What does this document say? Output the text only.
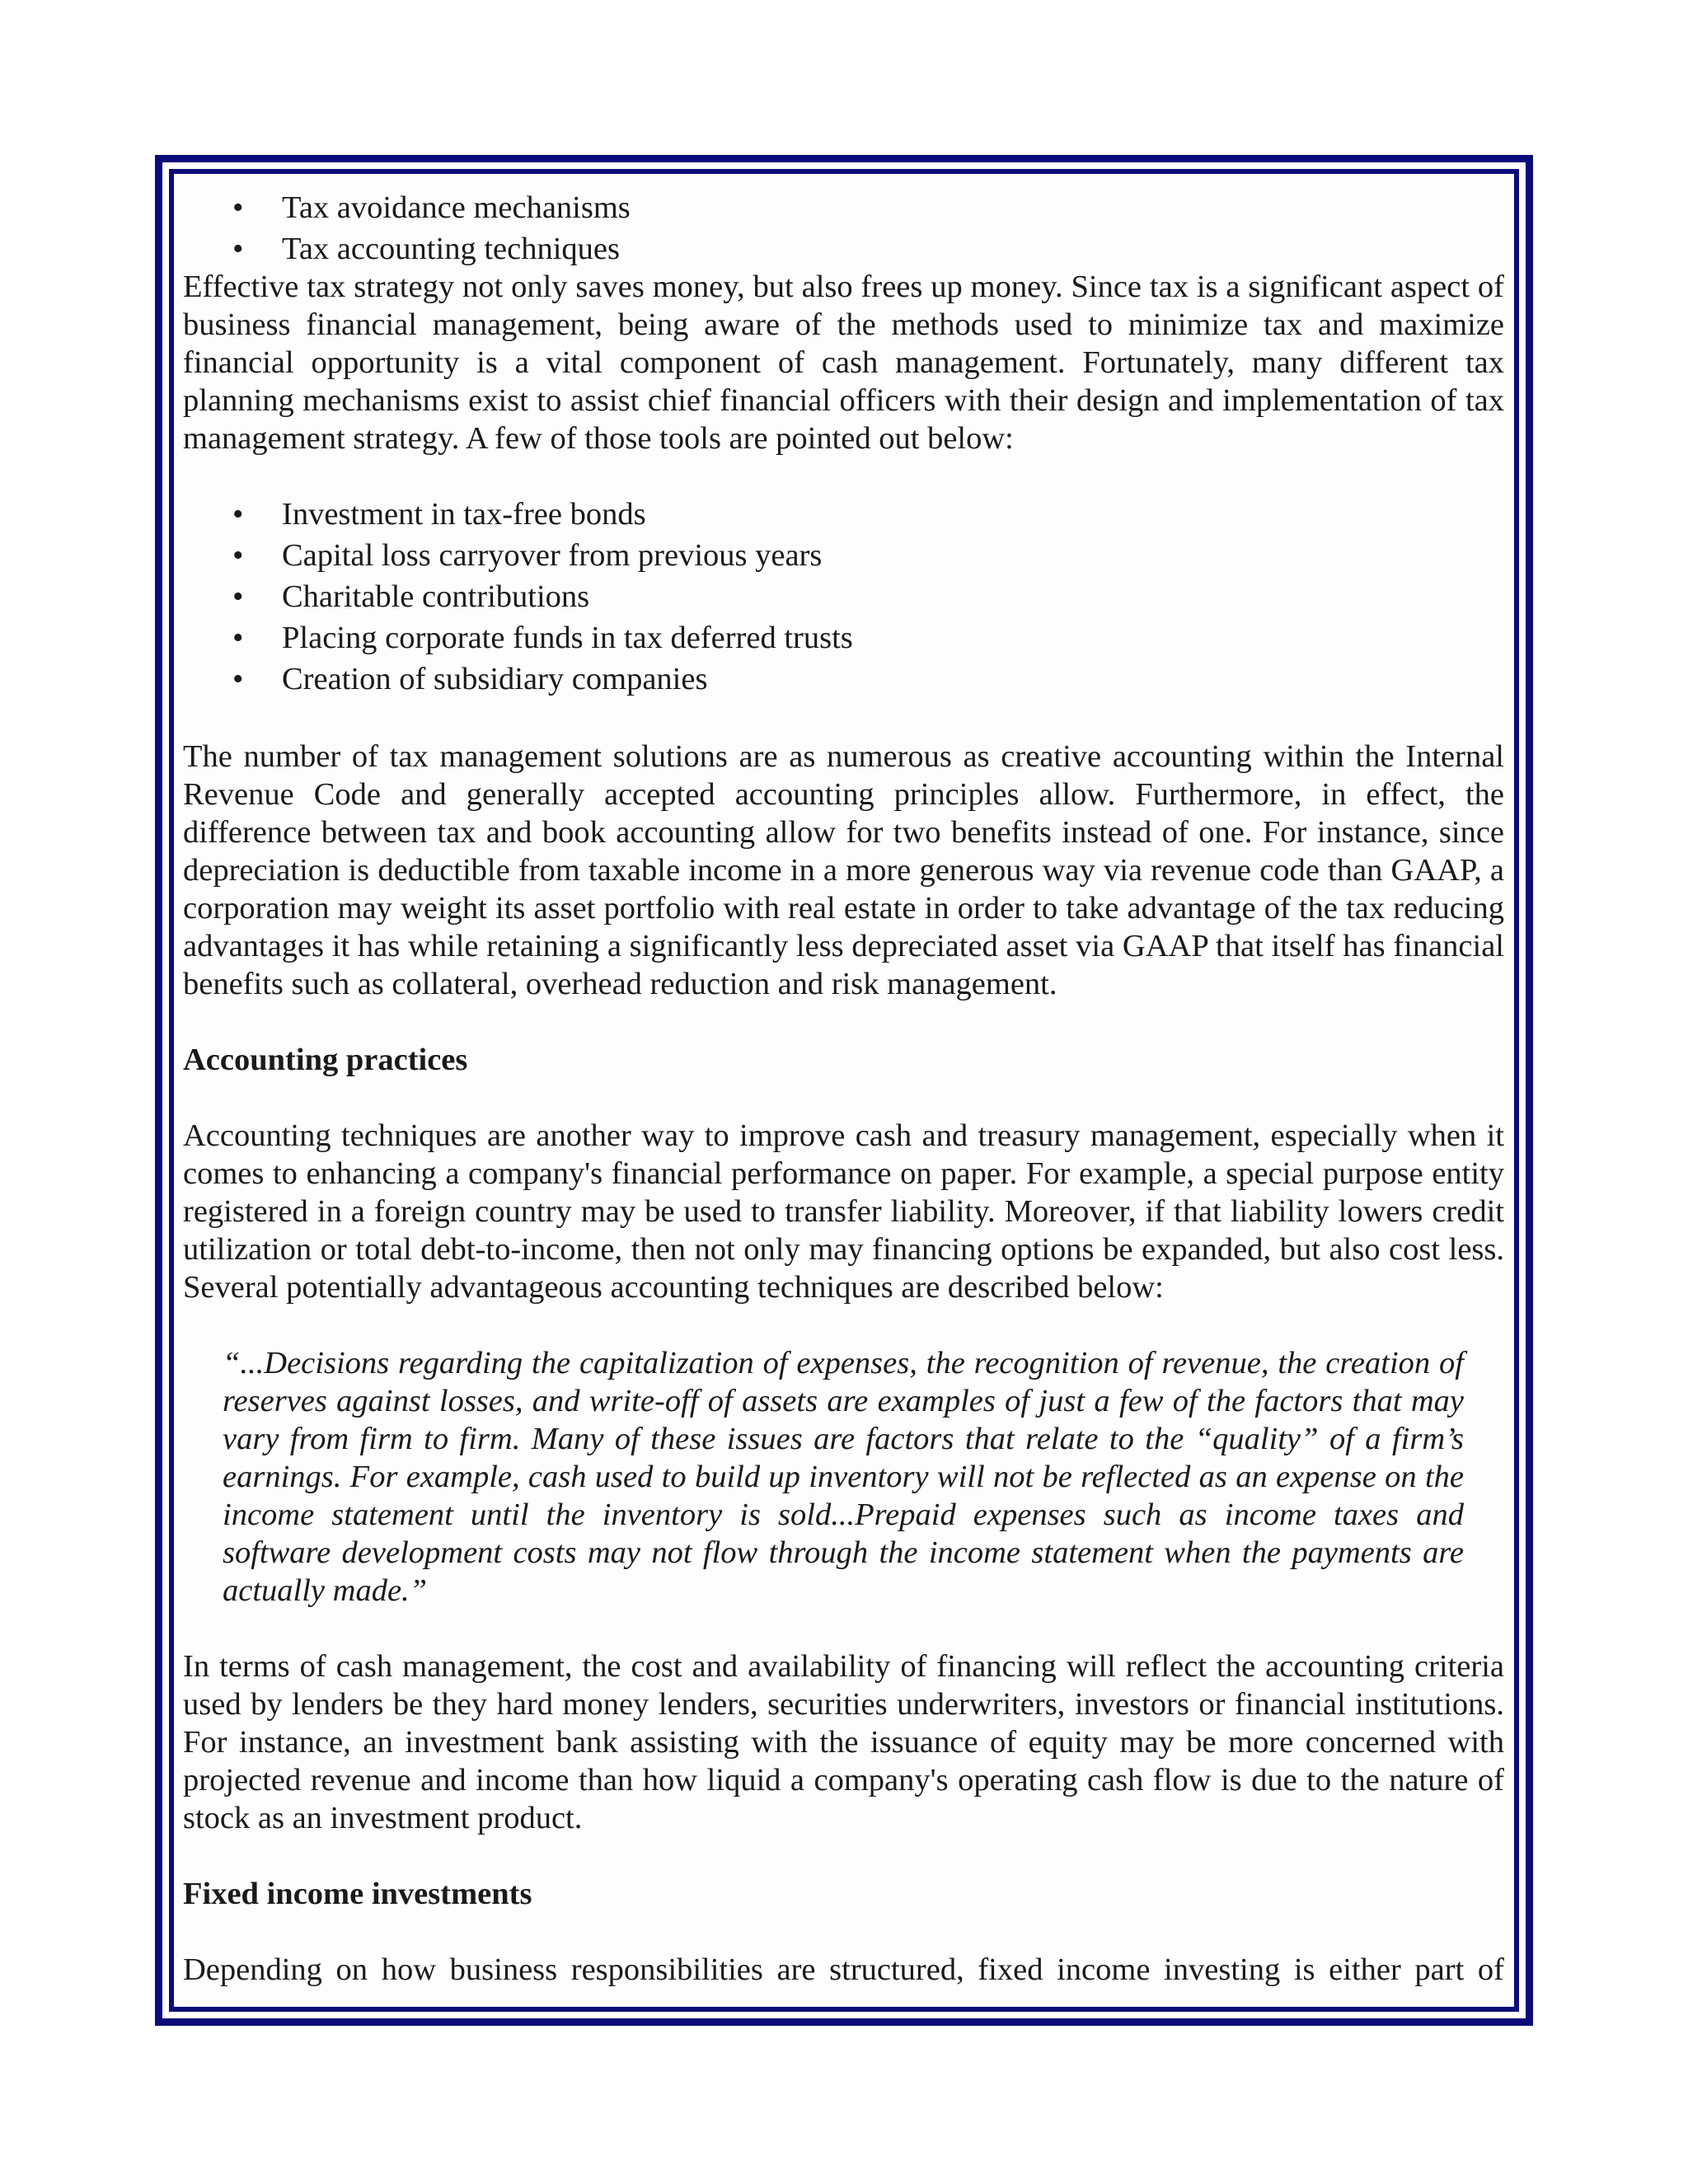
• Tax avoidance mechanisms
• Tax accounting techniques

Effective tax strategy not only saves money, but also frees up money. Since tax is a significant aspect of business financial management, being aware of the methods used to minimize tax and maximize financial opportunity is a vital component of cash management. Fortunately, many different tax planning mechanisms exist to assist chief financial officers with their design and implementation of tax management strategy. A few of those tools are pointed out below:

• Investment in tax-free bonds
• Capital loss carryover from previous years
• Charitable contributions
• Placing corporate funds in tax deferred trusts
• Creation of subsidiary companies

The number of tax management solutions are as numerous as creative accounting within the Internal Revenue Code and generally accepted accounting principles allow. Furthermore, in effect, the difference between tax and book accounting allow for two benefits instead of one. For instance, since depreciation is deductible from taxable income in a more generous way via revenue code than GAAP, a corporation may weight its asset portfolio with real estate in order to take advantage of the tax reducing advantages it has while retaining a significantly less depreciated asset via GAAP that itself has financial benefits such as collateral, overhead reduction and risk management.

Accounting practices

Accounting techniques are another way to improve cash and treasury management, especially when it comes to enhancing a company's financial performance on paper. For example, a special purpose entity registered in a foreign country may be used to transfer liability. Moreover, if that liability lowers credit utilization or total debt-to-income, then not only may financing options be expanded, but also cost less. Several potentially advantageous accounting techniques are described below:

“...Decisions regarding the capitalization of expenses, the recognition of revenue, the creation of reserves against losses, and write-off of assets are examples of just a few of the factors that may vary from firm to firm. Many of these issues are factors that relate to the “quality” of a firm’s earnings. For example, cash used to build up inventory will not be reflected as an expense on the income statement until the inventory is sold...Prepaid expenses such as income taxes and software development costs may not flow through the income statement when the payments are actually made.”

In terms of cash management, the cost and availability of financing will reflect the accounting criteria used by lenders be they hard money lenders, securities underwriters, investors or financial institutions. For instance, an investment bank assisting with the issuance of equity may be more concerned with projected revenue and income than how liquid a company's operating cash flow is due to the nature of stock as an investment product.

Fixed income investments

Depending on how business responsibilities are structured, fixed income investing is either part of
